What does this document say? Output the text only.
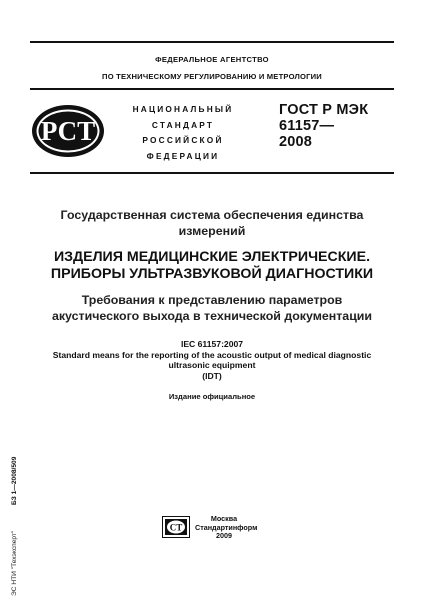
ФЕДЕРАЛЬНОЕ АГЕНТСТВО
ПО ТЕХНИЧЕСКОМУ РЕГУЛИРОВАНИЮ И МЕТРОЛОГИИ
РСТ
НАЦИОНАЛЬНЫЙ
СТАНДАРТ
РОССИЙСКОЙ
ФЕДЕРАЦИИ
ГОСТ Р МЭК
61157—
2008
Государственная система обеспечения единства
измерений
ИЗДЕЛИЯ МЕДИЦИНСКИЕ ЭЛЕКТРИЧЕСКИЕ.
ПРИБОРЫ УЛЬТРАЗВУКОВОЙ ДИАГНОСТИКИ
Требования к представлению параметров
акустического выхода в технической документации
IEC 61157:2007
Standard means for the reporting of the acoustic output of medical diagnostic
ultrasonic equipment
(IDT)
Издание официальное
БЗ 1—2008/509
ЭС НТИ "Техэксперт"
СТ
Москва
Стандартинформ
2009
